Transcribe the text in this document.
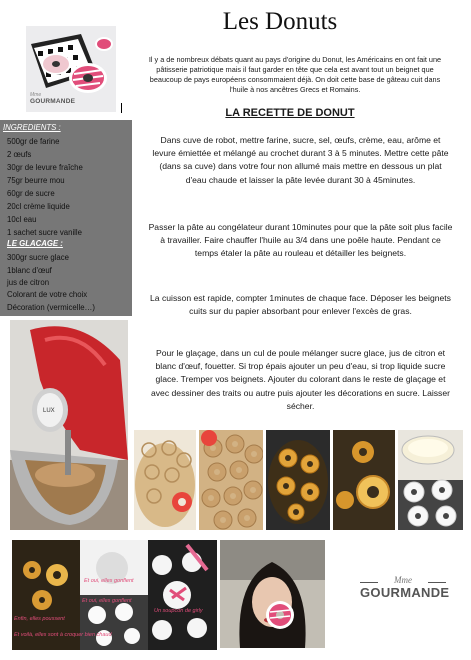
Les Donuts
Il y a de nombreux débats quant au pays d'origine du Donut, les Américains en ont fait une pâtisserie patriotique mais il faut garder en tête que cela est avant tout un beignet que beaucoup de pays européens consommaient déjà. On doit cette base de gâteau cuit dans l'huile à nos ancêtres Grecs et Romains.
Mme
GOURMANDE
LA RECETTE DE DONUT
Dans cuve de robot, mettre farine, sucre, sel, œufs, crème, eau, arôme et levure émiettée et mélangé au crochet durant 3 à 5 minutes. Mettre cette pâte (dans sa cuve) dans votre four non allumé mais mettre en dessous un plat d'eau chaude et laisser la pâte levée durant 30 à 45minutes.
Passer la pâte au congélateur durant 10minutes pour que la pâte soit plus facile à travailler. Faire chauffer l'huile au 3/4 dans une poêle haute. Pendant ce temps étaler la pâte au rouleau et détailler les beignets.
La cuisson est rapide, compter 1minutes de chaque face. Déposer les beignets cuits sur du papier absorbant pour enlever l'excès de gras.
Pour le glaçage, dans un cul de poule mélanger sucre glace, jus de citron et blanc d'œuf, fouetter. Si trop épais ajouter un peu d'eau, si trop liquide sucre glace. Tremper vos beignets. Ajouter du colorant dans le reste de glaçage et avec dessiner des traits ou autre puis ajouter les décorations en sucre. Laisser sécher.
INGREDIENTS :
500gr de farine
2 œufs
30gr de levure fraîche
75gr beurre mou
60gr de sucre
20cl crème liquide
10cl eau
1 sachet sucre vanille
LE GLACAGE :
300gr sucre glace
1blanc d'œuf
jus de citron
Colorant de votre choix
Décoration (vermicelle…)
LUX
Et oui, elles gonflent
Enfin, elles poussent
Et oui, elles gonflent
Un soupcon de girly
Et voilà, elles sont à croquer bien chaud
Mme
GOURMANDE
